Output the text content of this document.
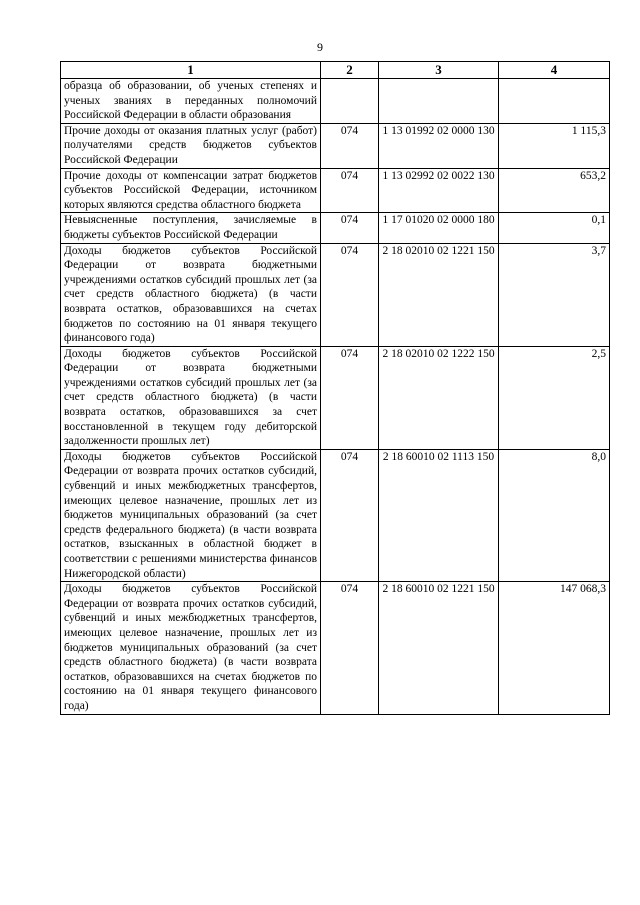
9
1	2	3	4
образца об образовании, об ученых степенях и ученых званиях в переданных полномочий Российской Федерации в области образования			
Прочие доходы от оказания платных услуг (работ) получателями средств бюджетов субъектов Российской Федерации	074	1 13 01992 02 0000 130	1 115,3
Прочие доходы от компенсации затрат бюджетов субъектов Российской Федерации, источником которых являются средства областного бюджета	074	1 13 02992 02 0022 130	653,2
Невыясненные поступления, зачисляемые в бюджеты субъектов Российской Федерации	074	1 17 01020 02 0000 180	0,1
Доходы бюджетов субъектов Российской Федерации от возврата бюджетными учреждениями остатков субсидий прошлых лет (за счет средств областного бюджета) (в части возврата остатков, образовавшихся на счетах бюджетов по состоянию на 01 января текущего финансового года)	074	2 18 02010 02 1221 150	3,7
Доходы бюджетов субъектов Российской Федерации от возврата бюджетными учреждениями остатков субсидий прошлых лет (за счет средств областного бюджета) (в части возврата остатков, образовавшихся за счет восстановленной в текущем году дебиторской задолженности прошлых лет)	074	2 18 02010 02 1222 150	2,5
Доходы бюджетов субъектов Российской Федерации от возврата прочих остатков субсидий, субвенций и иных межбюджетных трансфертов, имеющих целевое назначение, прошлых лет из бюджетов муниципальных образований (за счет средств федерального бюджета) (в части возврата остатков, взысканных в областной бюджет в соответствии с решениями министерства финансов Нижегородской области)	074	2 18 60010 02 1113 150	8,0
Доходы бюджетов субъектов Российской Федерации от возврата прочих остатков субсидий, субвенций и иных межбюджетных трансфертов, имеющих целевое назначение, прошлых лет из бюджетов муниципальных образований (за счет средств областного бюджета) (в части возврата остатков, образовавшихся на счетах бюджетов по состоянию на 01 января текущего финансового года)	074	2 18 60010 02 1221 150	147 068,3
